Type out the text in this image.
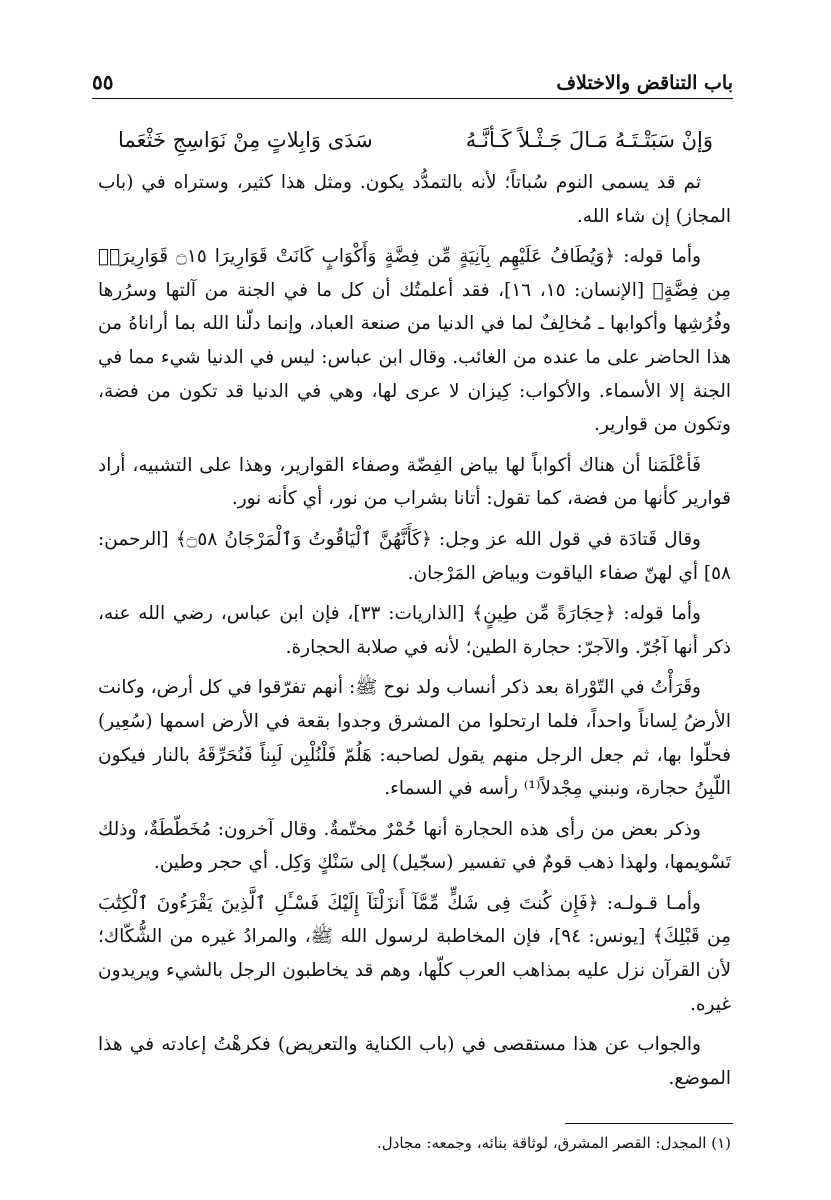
باب التناقض والاختلاف
٥٥
وَإنْ سَبَتْـتَـهُ مَـالَ جَـثْـلاً كَـأنَّـهُ
سَدَى وَابِلاتٍ مِنْ نَوَاسِجِ خَثْعَما

ثم قد يسمى النوم سُباتاً؛ لأنه بالتمدُّد يكون. ومثل هذا كثير، وستراه في (باب المجاز) إن شاء الله.

وأما قوله: ﴿وَيُطَافُ عَلَيْهِم بِآنِيَةٍ مِّن فِضَّةٍ وَأَكْوَابٍ كَانَتْ قَوَارِيرَا ۝١٥ قَوَارِيرَا۟ مِن فِضَّةٍ﴾ [الإنسان: ١٥، ١٦]، فقد أعلمتُك أن كل ما في الجنة من آلتها وسرُرها وفُرُشِها وأكوابها ـ مُخالِفٌ لما في الدنيا من صنعة العباد، وإنما دلّنا الله بما أراناهُ من هذا الحاضر على ما عنده من الغائب. وقال ابن عباس: ليس في الدنيا شيء مما في الجنة إلا الأسماء. والأكواب: كِيزان لا عرى لها، وهي في الدنيا قد تكون من فضة، وتكون من قوارير.

فَأعْلَمَنا أن هناك أكواباً لها بياض الفِضّة وصفاء القوارير، وهذا على التشبيه، أراد قوارير كأنها من فضة، كما تقول: أتانا بشراب من نور، أي كأنه نور.

وقال قَتادَة في قول الله عز وجل: ﴿كَأَنَّهُنَّ ٱلْيَاقُوتُ وَٱلْمَرْجَانُ ۝٥٨﴾ [الرحمن: ٥٨] أي لهنّ صفاء الياقوت وبياض المَرْجان.

وأما قوله: ﴿حِجَارَةً مِّن طِينٍ﴾ [الذاريات: ٣٣]، فإن ابن عباس، رضي الله عنه، ذكر أنها آجُرّ. والآجرّ: حجارة الطين؛ لأنه في صلابة الحجارة.

وقَرَأْتُ في التّوْراة بعد ذكر أنساب ولد نوح ﷺ: أنهم تفرّقوا في كل أرض، وكانت الأرضُ لِساناً واحداً، فلما ارتحلوا من المشرق وجدوا بقعة في الأرض اسمها (سُعِير) فحلّوا بها، ثم جعل الرجل منهم يقول لصاحبه: هَلُمّ فَلْنُلْبِن لَبِناً فَنُحَرِّقَهُ بالنار فيكون اللّبِنُ حجارة، ونبني مِجْدلاً⁽¹⁾ رأسه في السماء.

وذكر بعض من رأى هذه الحجارة أنها حُمْرٌ مختّمةٌ. وقال آخرون: مُخَطّطَةٌ، وذلك تَسْويمها، ولهذا ذهب قومٌ في تفسير (سجّيل) إلى سَنْكٍ وَكِل. أي حجر وطين.

وأمـا قـولـه: ﴿فَإِن كُنتَ فِى شَكٍّ مِّمَّآ أَنزَلْنَآ إِلَيْكَ فَسْـَٔلِ ٱلَّذِينَ يَقْرَءُونَ ٱلْكِتَٰبَ مِن قَبْلِكَ﴾ [يونس: ٩٤]، فإن المخاطبة لرسول الله ﷺ، والمرادُ غيره من الشُّكّاك؛ لأن القرآن نزل عليه بمذاهب العرب كلّها، وهم قد يخاطبون الرجل بالشيء ويريدون غيره.

والجواب عن هذا مستقصى في (باب الكناية والتعريض) فكرهْتُ إعادته في هذا الموضع.

(١) المجدل: القصر المشرق، لوثاقة بنائه، وجمعه: مجادل.
